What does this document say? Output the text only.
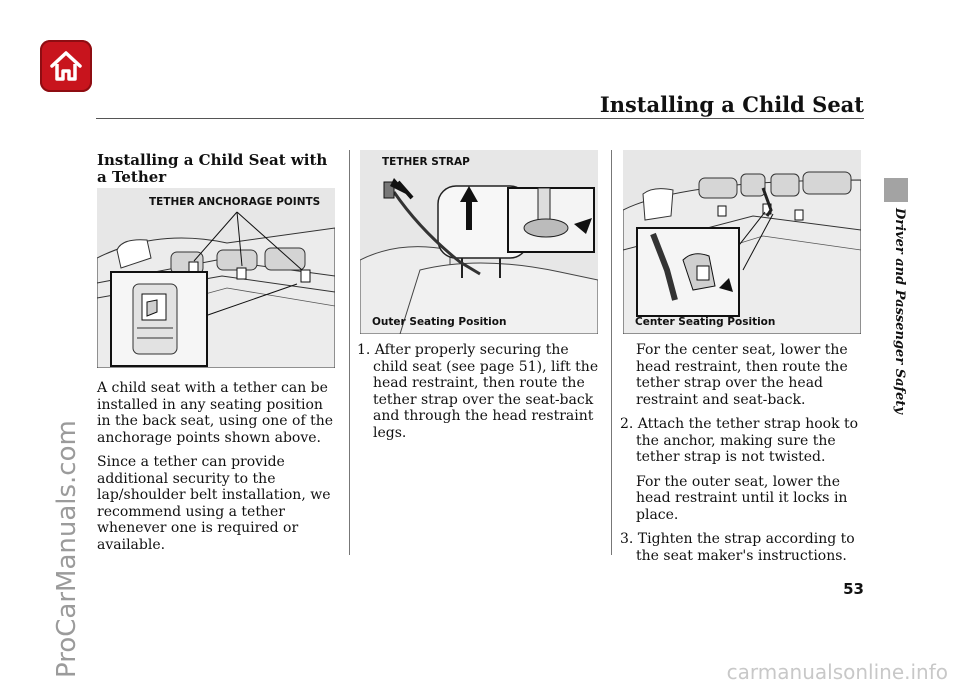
Installing a Child Seat
Driver and Passenger Safety
Installing a Child Seat with a Tether
TETHER ANCHORAGE POINTS

A child seat with a tether can be installed in any seating position in the back seat, using one of the anchorage points shown above.

Since a tether can provide additional security to the lap/shoulder belt installation, we recommend using a tether whenever one is required or available.

TETHER STRAP
Outer Seating Position

1. After properly securing the child seat (see page 51), lift the head restraint, then route the tether strap over the seat-back and through the head restraint legs.

Center Seating Position

For the center seat, lower the head restraint, then route the tether strap over the head restraint and seat-back.

2. Attach the tether strap hook to the anchor, making sure the tether strap is not twisted.

For the outer seat, lower the head restraint until it locks in place.

3. Tighten the strap according to the seat maker's instructions.

53
ProCarManuals.com	carmanualsonline.info
